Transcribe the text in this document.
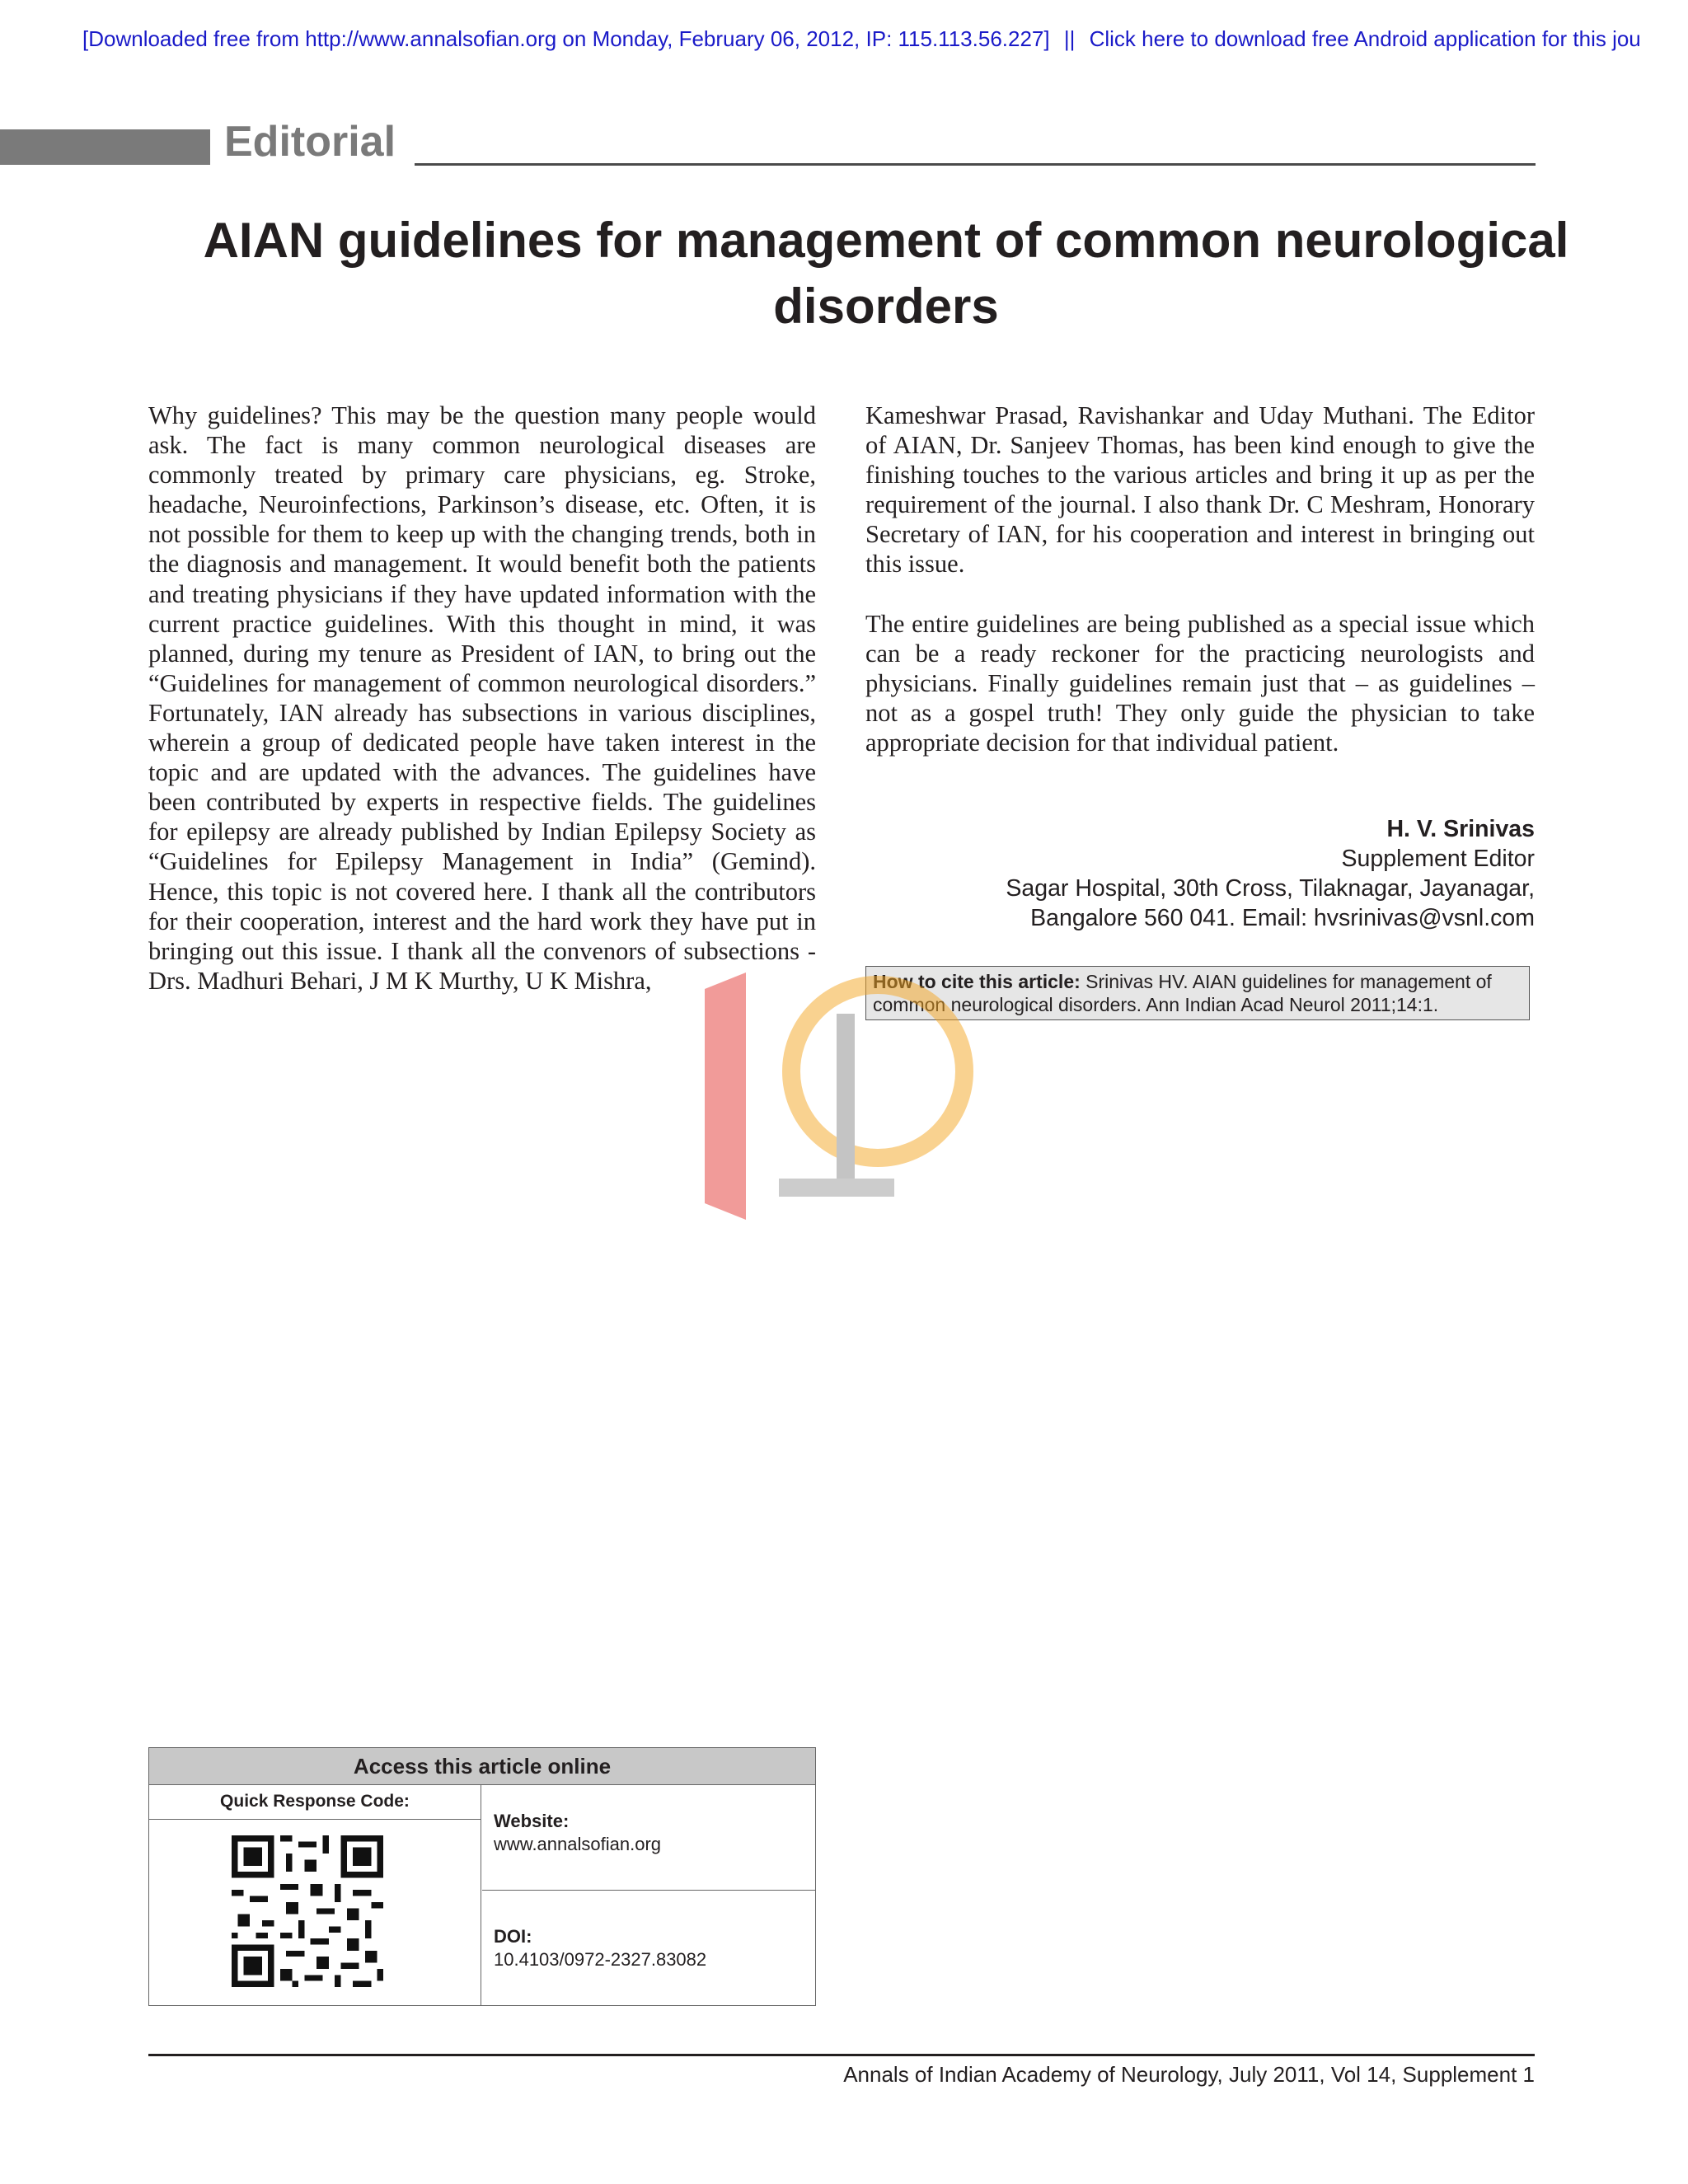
[Downloaded free from http://www.annalsofian.org on Monday, February 06, 2012, IP: 115.113.56.227] || Click here to download free Android application for this jou
Editorial
AIAN guidelines for management of common neurological disorders

Why guidelines? This may be the question many people would ask. The fact is many common neurological diseases are commonly treated by primary care physicians, eg. Stroke, headache, Neuroinfections, Parkinson’s disease, etc. Often, it is not possible for them to keep up with the changing trends, both in the diagnosis and management. It would benefit both the patients and treating physicians if they have updated information with the current practice guidelines. With this thought in mind, it was planned, during my tenure as President of IAN, to bring out the “Guidelines for management of common neurological disorders.” Fortunately, IAN already has subsections in various disciplines, wherein a group of dedicated people have taken interest in the topic and are updated with the advances. The guidelines have been contributed by experts in respective fields. The guidelines for epilepsy are already published by Indian Epilepsy Society as “Guidelines for Epilepsy Management in India” (Gemind). Hence, this topic is not covered here. I thank all the contributors for their cooperation, interest and the hard work they have put in bringing out this issue. I thank all the convenors of subsections - Drs. Madhuri Behari, J M K Murthy, U K Mishra,

Kameshwar Prasad, Ravishankar and Uday Muthani. The Editor of AIAN, Dr. Sanjeev Thomas, has been kind enough to give the finishing touches to the various articles and bring it up as per the requirement of the journal. I also thank Dr. C Meshram, Honorary Secretary of IAN, for his cooperation and interest in bringing out this issue.

The entire guidelines are being published as a special issue which can be a ready reckoner for the practicing neurologists and physicians. Finally guidelines remain just that – as guidelines – not as a gospel truth! They only guide the physician to take appropriate decision for that individual patient.

H. V. Srinivas
Supplement Editor
Sagar Hospital, 30th Cross, Tilaknagar, Jayanagar,
Bangalore 560 041. Email: hvsrinivas@vsnl.com
How to cite this article: Srinivas HV. AIAN guidelines for management of common neurological disorders. Ann Indian Acad Neurol 2011;14:1.
Access this article online
Quick Response Code:
Website:
www.annalsofian.org
DOI:
10.4103/0972-2327.83082
Annals of Indian Academy of Neurology, July 2011, Vol 14, Supplement 1
